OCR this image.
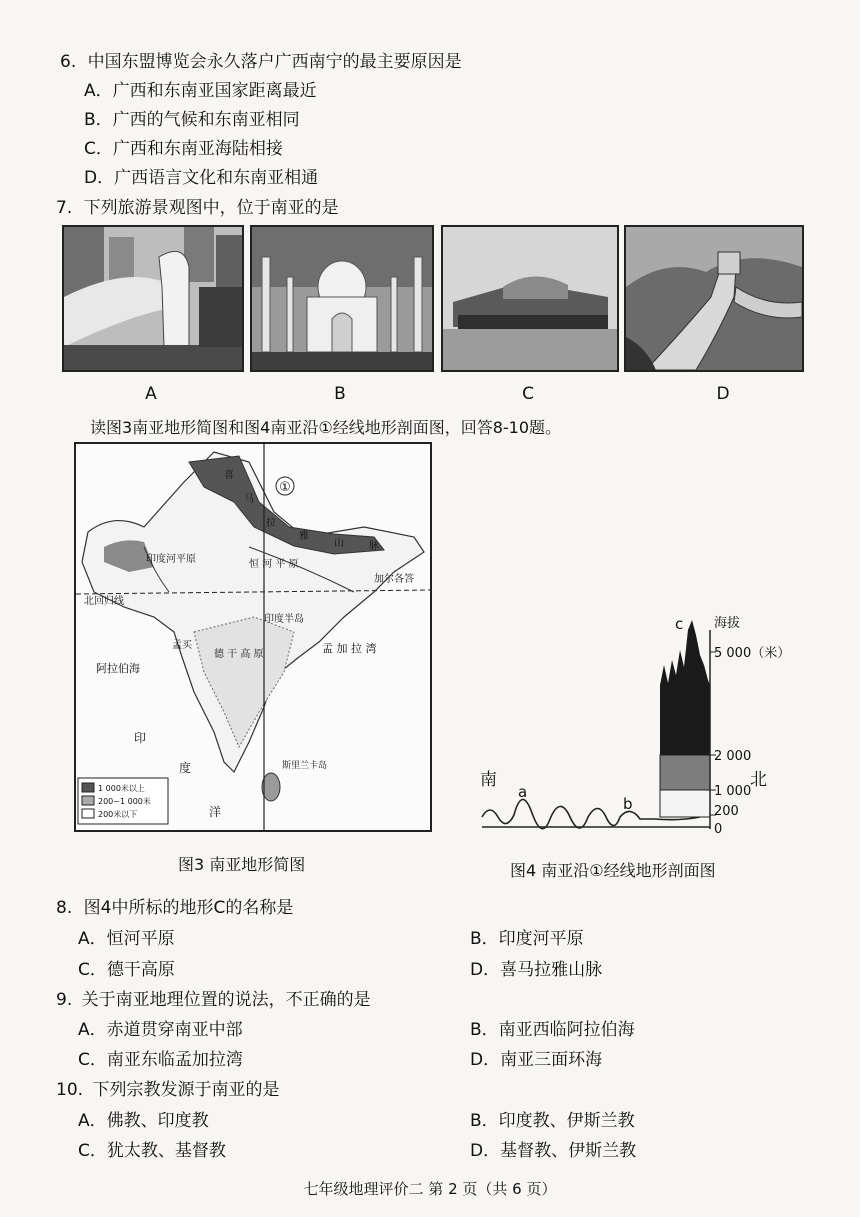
6. 中国东盟博览会永久落户广西南宁的最主要原因是
A．广西和东南亚国家距离最近
B．广西的气候和东南亚相同
C．广西和东南亚海陆相接
D．广西语言文化和东南亚相通
7. 下列旅游景观图中，位于南亚的是
A	B	C	D
读图3南亚地形简图和图4南亚沿①经线地形剖面图，回答8-10题。
①
喜
马
拉
雅
山	脉
印度河平原	恒 河 平 原
北回归线
德 干 高 原
印度半岛
孟买
加尔各答
阿拉伯海
孟 加 拉 湾
印
度
洋
斯里兰卡岛
1 000米以上
200~1 000米
200米以下
图3 南亚地形简图
南	北
a
b
c 海拔
5 000（米）
2 000
1 000
200
0
图4 南亚沿①经线地形剖面图
8. 图4中所标的地形C的名称是
A．恒河平原	B．印度河平原
C．德干高原	D．喜马拉雅山脉
9. 关于南亚地理位置的说法，不正确的是
A．赤道贯穿南亚中部	B．南亚西临阿拉伯海
C．南亚东临孟加拉湾	D．南亚三面环海
10. 下列宗教发源于南亚的是
A．佛教、印度教	B．印度教、伊斯兰教
C．犹太教、基督教	D．基督教、伊斯兰教
七年级地理评价二 第 2 页（共 6 页）
